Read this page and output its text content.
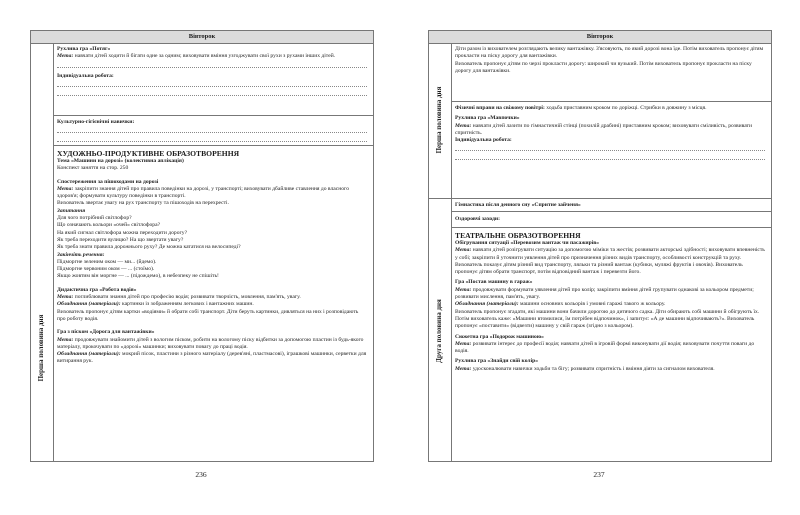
Вівторок
Перша половина дня

Рухлива гра «Потяг»

Мета: навчати дітей ходити й бігати одне за одним; виховувати вміння узгоджувати свої рухи з рухами інших дітей.

Індивідуальна робота:

Культурно-гігієнічні навички:

ХУДОЖНЬО-ПРОДУКТИВНЕ ОБРАЗОТВОРЕННЯ

Тема «Машини на дорозі» (колективна аплікація)

Конспект заняття на стор. 250

Спостереження за пішоходами на дорозі

Мета: закріпити знання дітей про правила поведінки на дорозі, у транспорті; виховувати дбайливе ставлення до власного здоров'я; формувати культуру поведінки в транспорті.

Вихователь звертає увагу на рух транспорту та пішоходів на перехресті.

Запитання

Для чого потрібний світлофор?

Що означають кольори «очей» світлофора?

На який сигнал світлофора можна переходити дорогу?

Як треба переходити вулицю? На що звертати увагу?

Як треба знати правила дорожнього руху? Де можна кататися на велосипеді?

Закінчіть речення:

Підморгне зеленим оком — ми... (йдемо).

Підморгне червоним оком — ... (стоїмо).

Якщо жовтим він моргне — ... (підождемо), в небезпеку не спішіть!

Дидактична гра «Робота водія»

Мета: поглиблювати знання дітей про професію водія; розвивати творчість, мовлення, пам'ять, увагу.

Обладнання (матеріали): картинки із зображенням легкових і вантажних машин.

Вихователь пропонує дітям картки «водіями» й обрати собі транспорт. Діти беруть картинки, дивляться на них і розповідають про роботу водія.

Гра з піском «Дорога для вантажівки»

Мета: продовжувати знайомити дітей з вологим піском, робити на вологому піску відбитки за допомогою пластин із будь-якого матеріалу, прокочувати по «дорозі» машинки; виховувати повагу до праці водія.

Обладнання (матеріали): мокрий пісок, пластини з різного матеріалу (дерев'яні, пластмасові), іграшкові машинки, серветки для витирання рук.

236
Вівторок
Перша половина дня
Друга половина дня

Діти разом із вихователем розглядають велику вантажівку. З'ясовують, по який дорозі вона їде. Потім вихователь пропонує дітям прокласти на піску дорогу для вантажівки.

Вихователь пропонує дітям по черзі прокласти дорогу: широкий чи вузький. Потім вихователь пропонує прокласти на піску дорогу для вантажівки.

Фізичні вправи на свіжому повітрі: ходьба приставним кроком по доріжці. Стрибки в довжину з місця.

Рухлива гра «Мавпочки»

Мета: навчати дітей лазити по гімнастичній стінці (похилій драбині) приставним кроком; виховувати сміливість, розвивати спритність.

Індивідуальна робота:

Гімнастика після денного сну «Спритне зайченя»

Оздоровчі заходи:

ТЕАТРАЛЬНЕ ОБРАЗОТВОРЕННЯ

Обігрування ситуації «Перевозим вантаж чи пасажирів»

Мета: навчати дітей розігрувати ситуацію за допомогою міміки та жестів; розвивати акторські здібності; виховувати впевненість у собі; закріпити й уточнити уявлення дітей про призначення різних видів транспорту, особливості конструкцій та руху.

Вихователь показує дітям різний вид транспорту, ляльки та різний вантаж (кубики, муляжі фруктів і овочів). Вихователь пропонує дітям обрати транспорт, потім відповідний вантаж і перевезти його.

Гра «Постав машину в гараж»

Мета: продовжувати формувати уявлення дітей про колір; закріпити вміння дітей групувати однакові за кольором предмети; розвивати мислення, пам'ять, увагу.

Обладнання (матеріали): машини основних кольорів і умовні гаражі такого ж кольору.

Вихователь пропонує згадати, які машини вони бачили дорогою до дитячого садка. Діти обирають собі машини й обігрують їх.

Потім вихователь каже: «Машини втомилися, їм потрібен відпочинок», і запитує: «А де машини відпочивають?». Вихователь пропонує «поставити» (відвезти) машину у свій гараж (згідно з кольором).

Сюжетна гра «Подорож машиною»

Мета: розвивати інтерес до професії водія; навчати дітей в ігровій формі виконувати дії водія; виховувати почуття поваги до водія.

Рухлива гра «Знайди свій колір»

Мета: удосконалювати навички ходьби та бігу; розвивати спритність і вміння діяти за сигналом вихователя.

237
